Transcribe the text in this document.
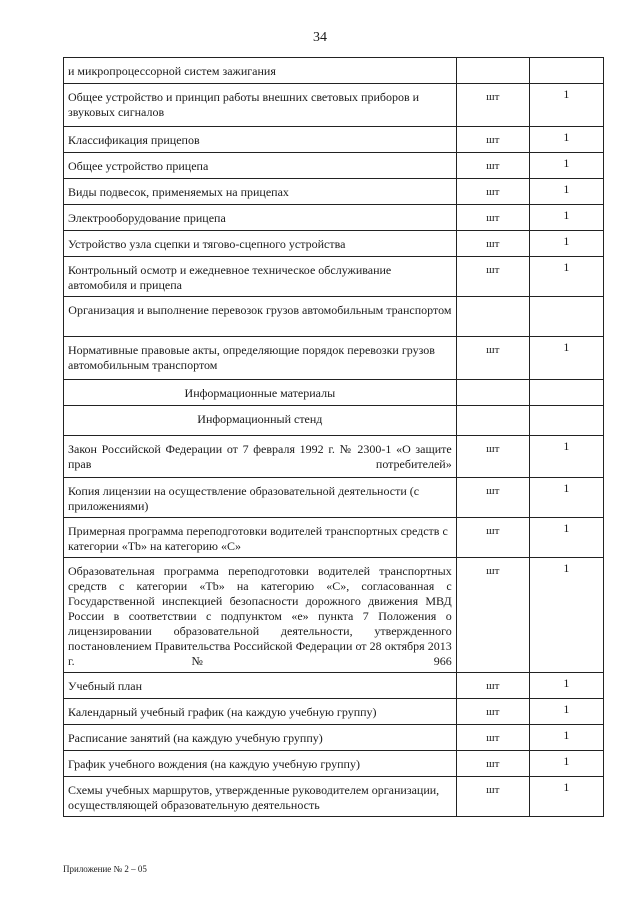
34
и микропроцессорной систем зажигания		
Общее устройство и принцип работы внешних световых приборов и звуковых сигналов	шт	1
Классификация прицепов	шт	1
Общее устройство прицепа	шт	1
Виды подвесок, применяемых на прицепах	шт	1
Электрооборудование прицепа	шт	1
Устройство узла сцепки и тягово-сцепного устройства	шт	1
Контрольный осмотр и ежедневное техническое обслуживание автомобиля и прицепа	шт	1
Организация и выполнение перевозок грузов автомобильным транспортом		
Нормативные правовые акты, определяющие порядок перевозки грузов автомобильным транспортом	шт	1
Информационные материалы		
Информационный стенд		
Закон Российской Федерации от 7 февраля 1992 г. № 2300-1 «О защите прав потребителей»	шт	1
Копия лицензии на осуществление образовательной деятельности (с приложениями)	шт	1
Примерная программа переподготовки водителей транспортных средств с категории «Tb» на категорию «C»	шт	1
Образовательная программа переподготовки водителей транспортных средств с категории «Tb» на категорию «C», согласованная с Государственной инспекцией безопасности дорожного движения МВД России в соответствии с подпунктом «е» пункта 7 Положения о лицензировании образовательной деятельности, утвержденного постановлением Правительства Российской Федерации от 28 октября 2013 г. № 966	шт	1
Учебный план	шт	1
Календарный учебный график (на каждую учебную группу)	шт	1
Расписание занятий (на каждую учебную группу)	шт	1
График учебного вождения (на каждую учебную группу)	шт	1
Схемы учебных маршрутов, утвержденные руководителем организации, осуществляющей образовательную деятельность	шт	1
Приложение № 2 – 05
